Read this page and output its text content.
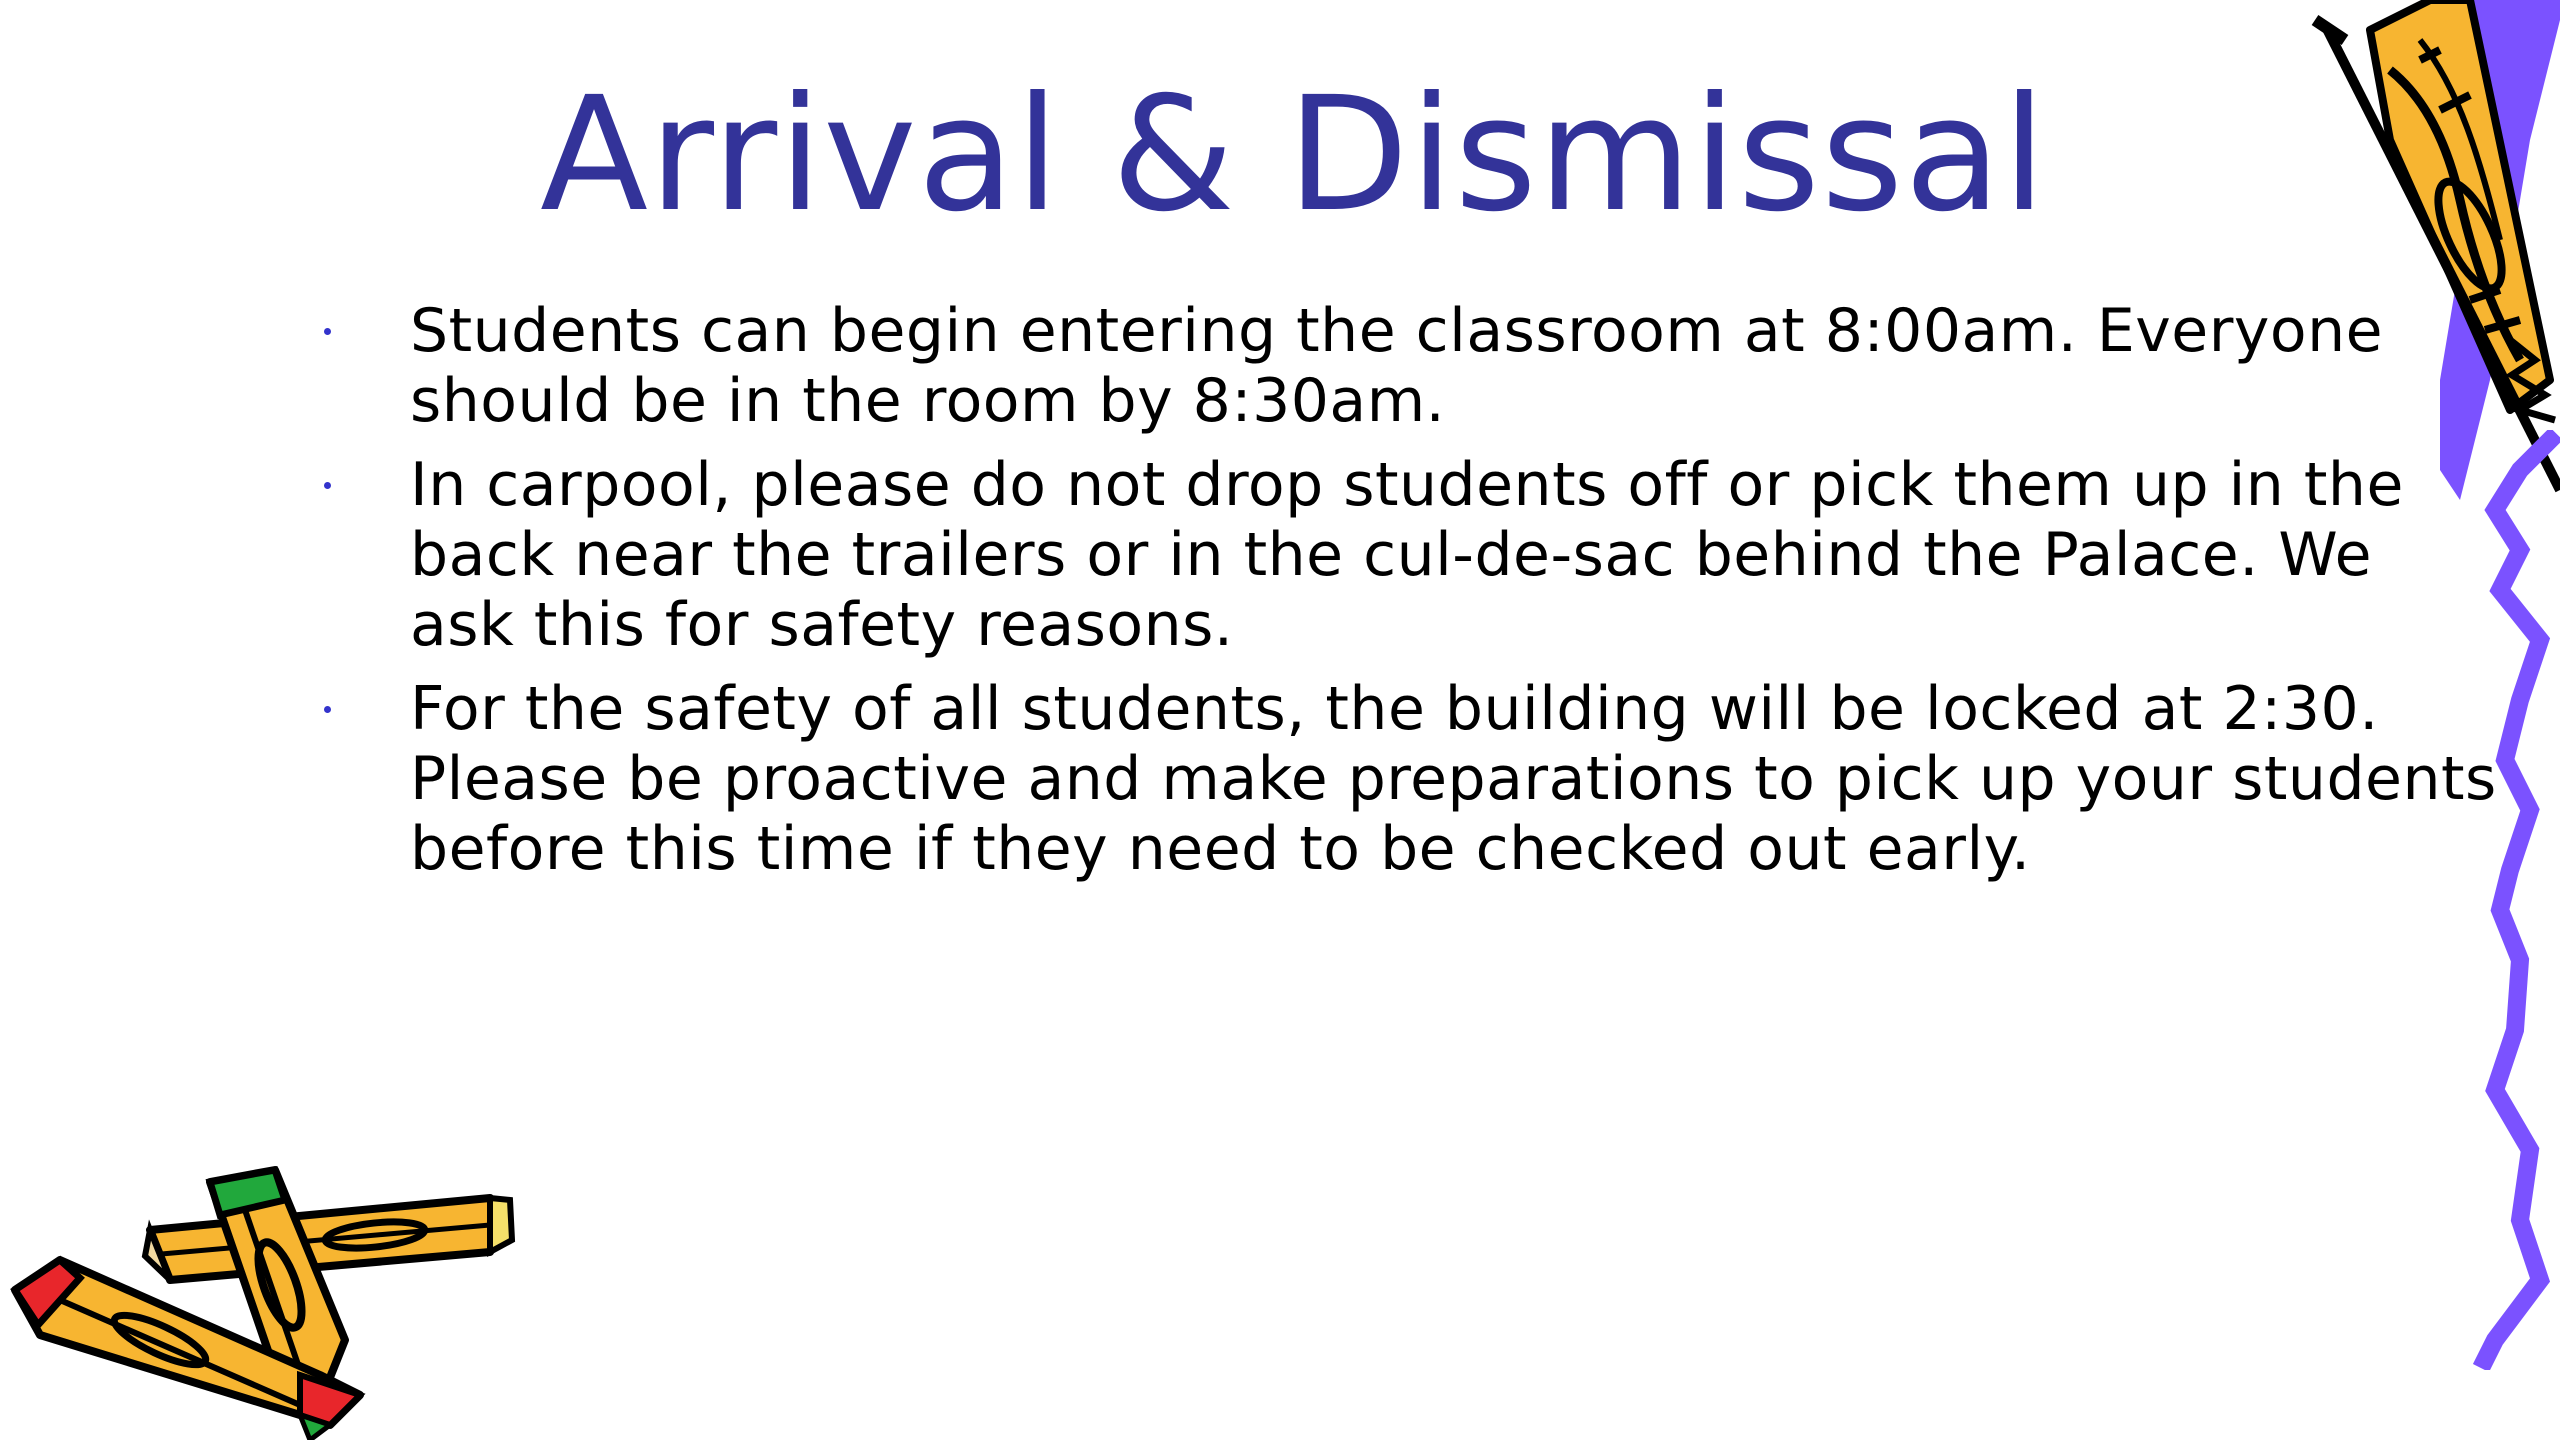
Arrival & Dismissal
Students can begin entering the classroom at 8:00am. Everyone
should be in the room by 8:30am.
In carpool, please do not drop students off or pick them up in the
back near the trailers or in the cul-de-sac behind the Palace. We
ask this for safety reasons.
For the safety of all students, the building will be locked at 2:30.
Please be proactive and make preparations to pick up your students
before this time if they need to be checked out early.
